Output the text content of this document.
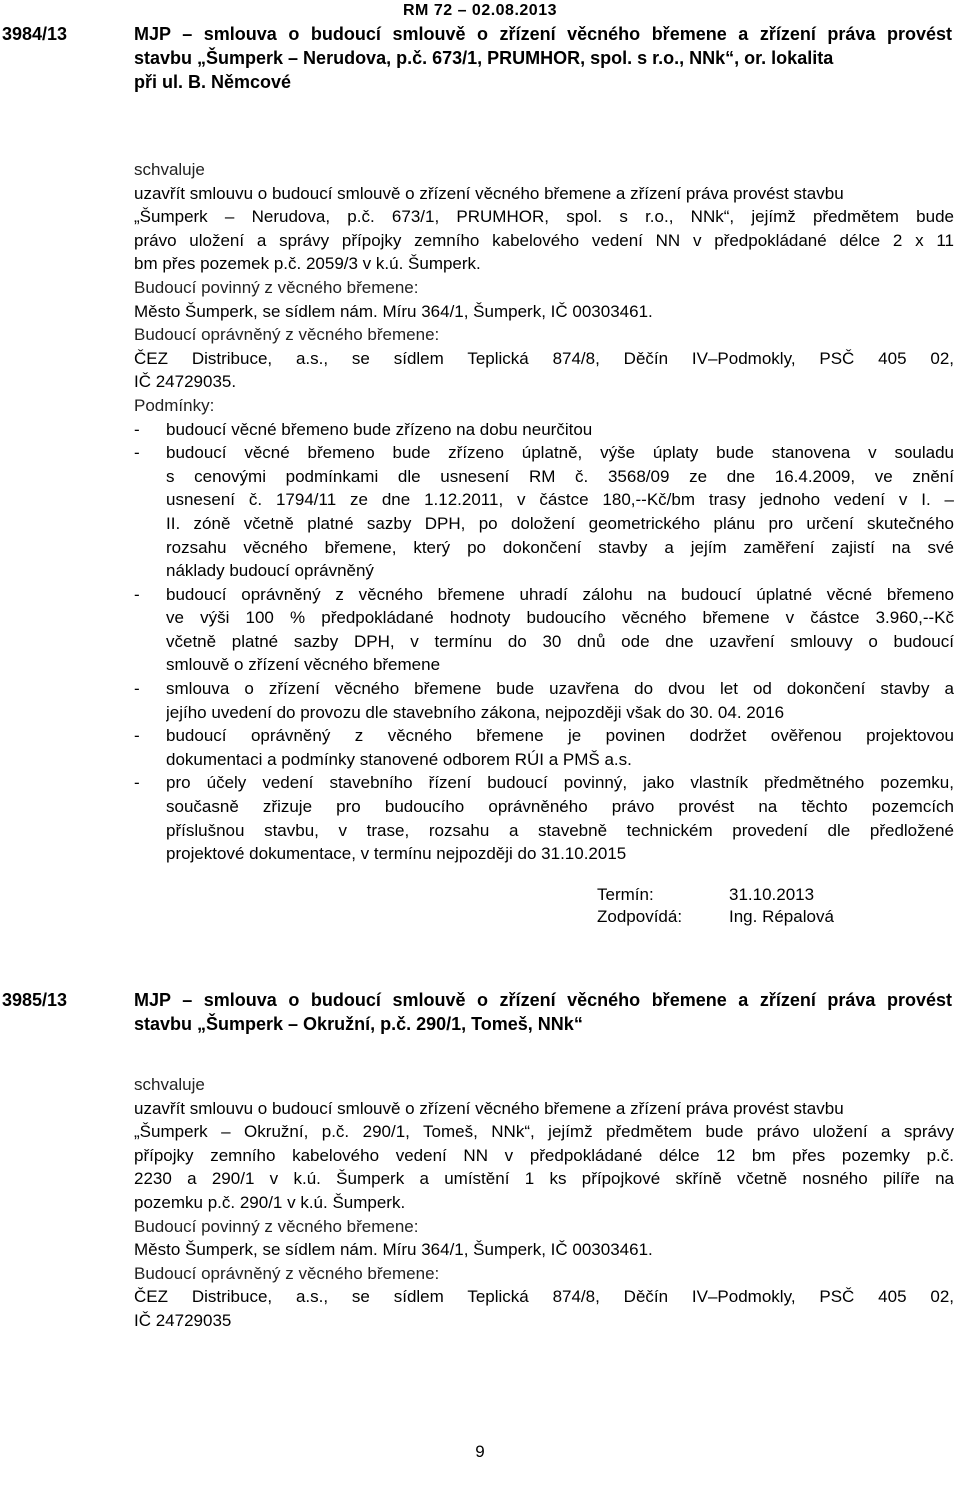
RM 72 – 02.08.2013
3984/13	MJP – smlouva o budoucí smlouvě o zřízení věcného břemene a zřízení práva provést
stavbu „Šumperk – Nerudova, p.č. 673/1, PRUMHOR, spol. s r.o., NNk“, or. lokalita
při ul. B. Němcové
schvaluje
uzavřít smlouvu o budoucí smlouvě o zřízení věcného břemene a zřízení práva provést stavbu
„Šumperk – Nerudova, p.č. 673/1, PRUMHOR, spol. s r.o., NNk“, jejímž předmětem bude
právo uložení a správy přípojky zemního kabelového vedení NN v předpokládané délce 2 x 11
bm přes pozemek p.č. 2059/3 v k.ú. Šumperk.
Budoucí povinný z věcného břemene:
Město Šumperk, se sídlem nám. Míru 364/1, Šumperk, IČ 00303461.
Budoucí oprávněný z věcného břemene:
ČEZ Distribuce, a.s., se sídlem Teplická 874/8, Děčín IV–Podmokly, PSČ 405 02,
IČ 24729035.
Podmínky:
- budoucí věcné břemeno bude zřízeno na dobu neurčitou
- budoucí věcné břemeno bude zřízeno úplatně, výše úplaty bude stanovena v souladu
s cenovými podmínkami dle usnesení RM č. 3568/09 ze dne 16.4.2009, ve znění
usnesení č. 1794/11 ze dne 1.12.2011, v částce 180,--Kč/bm trasy jednoho vedení v I. –
II. zóně včetně platné sazby DPH, po doložení geometrického plánu pro určení skutečného
rozsahu věcného břemene, který po dokončení stavby a jejím zaměření zajistí na své
náklady budoucí oprávněný
- budoucí oprávněný z věcného břemene uhradí zálohu na budoucí úplatné věcné břemeno
ve výši 100 % předpokládané hodnoty budoucího věcného břemene v částce 3.960,--Kč
včetně platné sazby DPH, v termínu do 30 dnů ode dne uzavření smlouvy o budoucí
smlouvě o zřízení věcného břemene
- smlouva o zřízení věcného břemene bude uzavřena do dvou let od dokončení stavby a
jejího uvedení do provozu dle stavebního zákona, nejpozději však do 30. 04. 2016
- budoucí oprávněný z věcného břemene je povinen dodržet ověřenou projektovou
dokumentaci a podmínky stanovené odborem RÚI a PMŠ a.s.
- pro účely vedení stavebního řízení budoucí povinný, jako vlastník předmětného pozemku,
současně zřizuje pro budoucího oprávněného právo provést na těchto pozemcích
příslušnou stavbu, v trase, rozsahu a stavebně technickém provedení dle předložené
projektové dokumentace, v termínu nejpozději do 31.10.2015
Termín:	31.10.2013
Zodpovídá:	Ing. Répalová
3985/13	MJP – smlouva o budoucí smlouvě o zřízení věcného břemene a zřízení práva provést
stavbu „Šumperk – Okružní, p.č. 290/1, Tomeš, NNk“
schvaluje
uzavřít smlouvu o budoucí smlouvě o zřízení věcného břemene a zřízení práva provést stavbu
„Šumperk – Okružní, p.č. 290/1, Tomeš, NNk“, jejímž předmětem bude právo uložení a správy
přípojky zemního kabelového vedení NN v předpokládané délce 12 bm přes pozemky p.č.
2230 a 290/1 v k.ú. Šumperk a umístění 1 ks přípojkové skříně včetně nosného pilíře na
pozemku p.č. 290/1 v k.ú. Šumperk.
Budoucí povinný z věcného břemene:
Město Šumperk, se sídlem nám. Míru 364/1, Šumperk, IČ 00303461.
Budoucí oprávněný z věcného břemene:
ČEZ Distribuce, a.s., se sídlem Teplická 874/8, Děčín IV–Podmokly, PSČ 405 02,
IČ 24729035
9
